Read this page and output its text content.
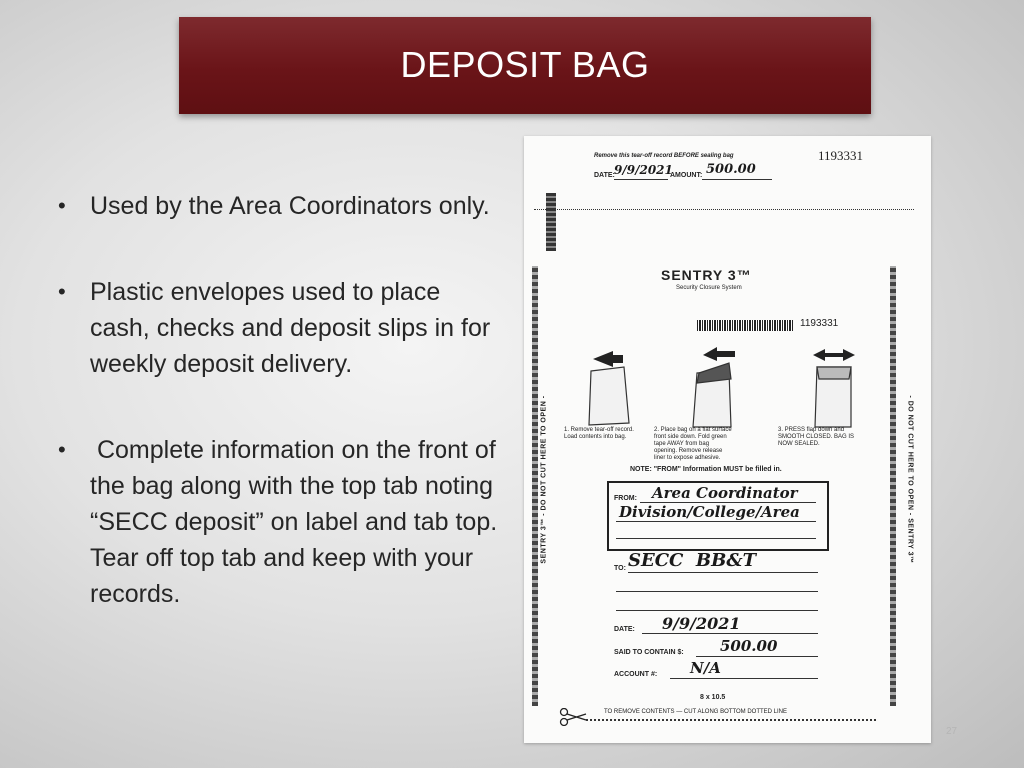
DEPOSIT BAG
• Used by the Area Coordinators only.
• Plastic envelopes used to place cash, checks and deposit slips in for weekly deposit delivery.
• Complete information on the front of the bag along with the top tab noting “SECC deposit” on label and tab top.  Tear off top tab and keep with your records.
Remove this tear-off record BEFORE sealing bag	1193331
DATE: 9/9/2021
AMOUNT: 500.00
SENTRY 3™ - DO NOT CUT HERE TO OPEN -	- DO NOT CUT HERE TO OPEN - SENTRY 3™
SENTRY 3™
Security Closure System
1193331
1. Remove tear-off record. Load contents into bag.
2. Place bag on a flat surface front side down. Fold green tape AWAY from bag opening. Remove release liner to expose adhesive.
3. PRESS flap down and SMOOTH CLOSED. BAG IS NOW SEALED.
NOTE: "FROM" Information MUST be filled in.
FROM: Area Coordinator
Division/College/Area
TO: SECC  BB&T
DATE: 9/9/2021
SAID TO CONTAIN $: 500.00
ACCOUNT #: N/A
8 x 10.5
TO REMOVE CONTENTS — CUT ALONG BOTTOM DOTTED LINE
27
